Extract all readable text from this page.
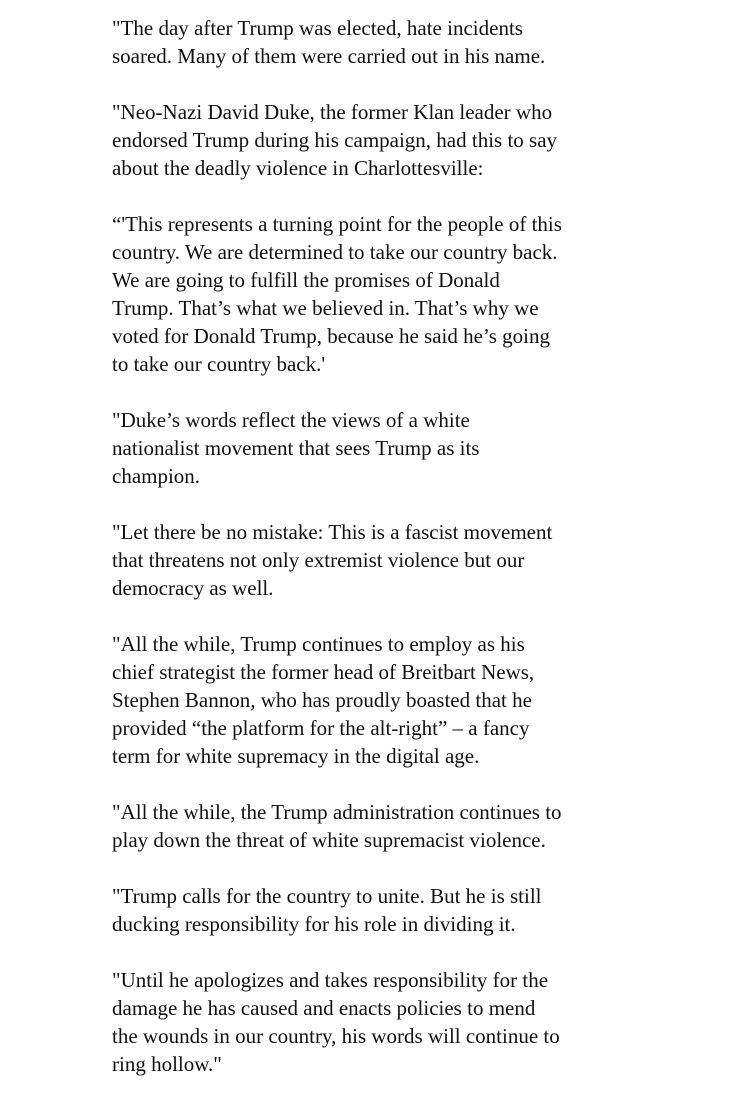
"The day after Trump was elected, hate incidents
soared. Many of them were carried out in his name.

"Neo-Nazi David Duke, the former Klan leader who
endorsed Trump during his campaign, had this to say
about the deadly violence in Charlottesville:

“'This represents a turning point for the people of this
country. We are determined to take our country back.
We are going to fulfill the promises of Donald
Trump. That’s what we believed in. That’s why we
voted for Donald Trump, because he said he’s going
to take our country back.'

"Duke’s words reflect the views of a white
nationalist movement that sees Trump as its
champion.

"Let there be no mistake: This is a fascist movement
that threatens not only extremist violence but our
democracy as well.

"All the while, Trump continues to employ as his
chief strategist the former head of Breitbart News,
Stephen Bannon, who has proudly boasted that he
provided “the platform for the alt-right” – a fancy
term for white supremacy in the digital age.

"All the while, the Trump administration continues to
play down the threat of white supremacist violence.

"Trump calls for the country to unite. But he is still
ducking responsibility for his role in dividing it.

"Until he apologizes and takes responsibility for the
damage he has caused and enacts policies to mend
the wounds in our country, his words will continue to
ring hollow."
